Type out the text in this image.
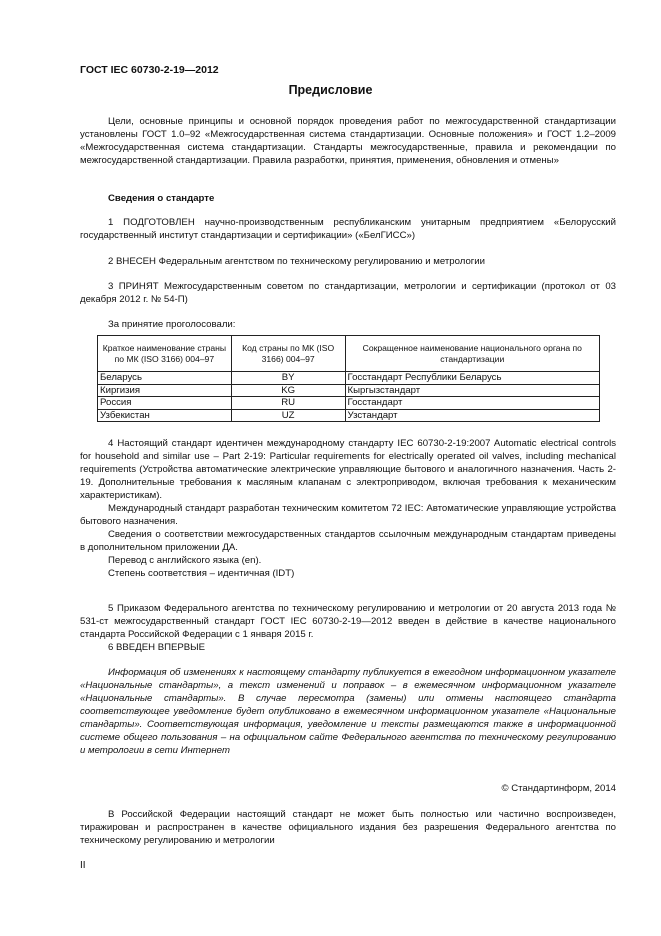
ГОСТ IEC 60730-2-19—2012
Предисловие

Цели, основные принципы и основной порядок проведения работ по межгосударственной стандартизации установлены ГОСТ 1.0–92 «Межгосударственная система стандартизации. Основные положения» и ГОСТ 1.2–2009 «Межгосударственная система стандартизации. Стандарты межгосударственные, правила и рекомендации по межгосударственной стандартизации. Правила разработки, принятия, применения, обновления и отмены»

Сведения о стандарте

1 ПОДГОТОВЛЕН научно-производственным республиканским унитарным предприятием «Белорусский государственный институт стандартизации и сертификации» («БелГИСС»)

2 ВНЕСЕН Федеральным агентством по техническому регулированию и метрологии

3 ПРИНЯТ Межгосударственным советом по стандартизации, метрологии и сертификации (протокол от 03 декабря 2012 г. № 54-П)

За принятие проголосовали:

Краткое наименование страны по МК (ISO 3166) 004–97	Код страны по МК (ISO 3166) 004–97	Сокращенное наименование национального органа по стандартизации
Беларусь	BY	Госстандарт Республики Беларусь
Киргизия	KG	Кыргызстандарт
Россия	RU	Госстандарт
Узбекистан	UZ	Узстандарт

4 Настоящий стандарт идентичен международному стандарту IEC 60730-2-19:2007 Automatic electrical controls for household and similar use – Part 2-19: Particular requirements for electrically operated oil valves, including mechanical requirements (Устройства автоматические электрические управляющие бытового и аналогичного назначения. Часть 2-19. Дополнительные требования к масляным клапанам с электроприводом, включая требования к механическим характеристикам).

Международный стандарт разработан техническим комитетом 72 IEC: Автоматические управляющие устройства бытового назначения.

Сведения о соответствии межгосударственных стандартов ссылочным международным стандартам приведены в дополнительном приложении ДА.

Перевод с английского языка (en).

Степень соответствия – идентичная (IDT)

5 Приказом Федерального агентства по техническому регулированию и метрологии от 20 августа 2013 года № 531-ст межгосударственный стандарт ГОСТ IEC 60730-2-19—2012 введен в действие в качестве национального стандарта Российской Федерации с 1 января 2015 г.

6 ВВЕДЕН ВПЕРВЫЕ

Информация об изменениях к настоящему стандарту публикуется в ежегодном информационном указателе «Национальные стандарты», а текст изменений и поправок – в ежемесячном информационном указателе «Национальные стандарты». В случае пересмотра (замены) или отмены настоящего стандарта соответствующее уведомление будет опубликовано в ежемесячном информационном указателе «Национальные стандарты». Соответствующая информация, уведомление и тексты размещаются также в информационной системе общего пользования – на официальном сайте Федерального агентства по техническому регулированию и метрологии в сети Интернет

© Стандартинформ, 2014

В Российской Федерации настоящий стандарт не может быть полностью или частично воспроизведен, тиражирован и распространен в качестве официального издания без разрешения Федерального агентства по техническому регулированию и метрологии

II
